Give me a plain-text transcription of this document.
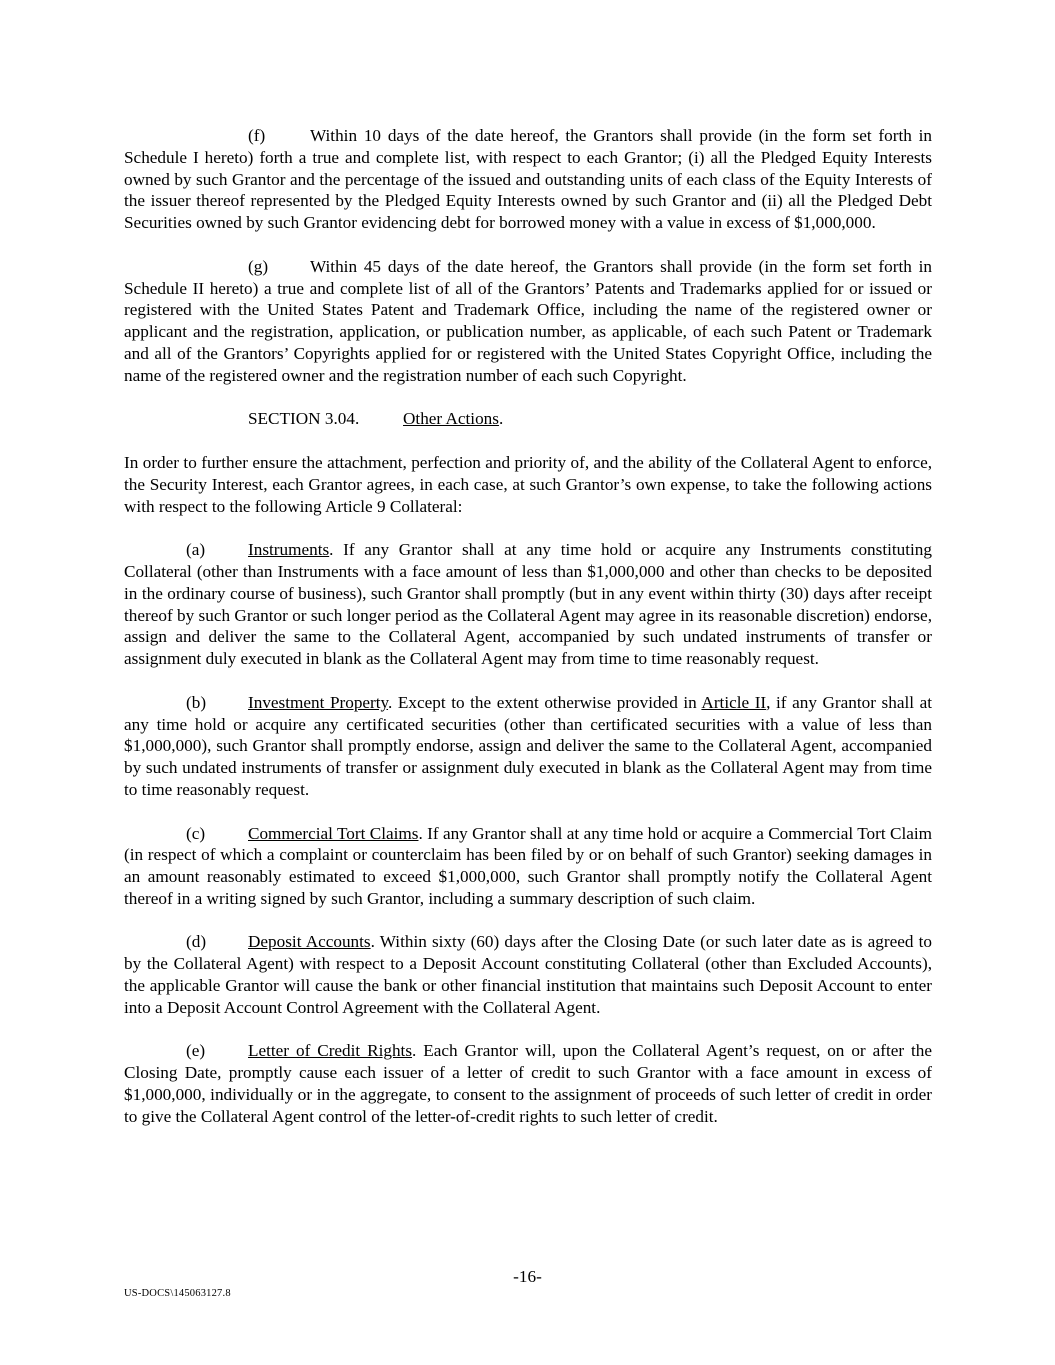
(f)	Within 10 days of the date hereof, the Grantors shall provide (in the form set forth in Schedule I hereto) forth a true and complete list, with respect to each Grantor; (i) all the Pledged Equity Interests owned by such Grantor and the percentage of the issued and outstanding units of each class of the Equity Interests of the issuer thereof represented by the Pledged Equity Interests owned by such Grantor and (ii) all the Pledged Debt Securities owned by such Grantor evidencing debt for borrowed money with a value in excess of $1,000,000.

(g) Within 45 days of the date hereof, the Grantors shall provide (in the form set forth in Schedule II hereto) a true and complete list of all of the Grantors’ Patents and Trademarks applied for or issued or registered with the United States Patent and Trademark Office, including the name of the registered owner or applicant and the registration, application, or publication number, as applicable, of each such Patent or Trademark and all of the Grantors’ Copyrights applied for or registered with the United States Copyright Office, including the name of the registered owner and the registration number of each such Copyright.

SECTION 3.04.	Other Actions.

In order to further ensure the attachment, perfection and priority of, and the ability of the Collateral Agent to enforce, the Security Interest, each Grantor agrees, in each case, at such Grantor’s own expense, to take the following actions with respect to the following Article 9 Collateral:

(a) Instruments. If any Grantor shall at any time hold or acquire any Instruments constituting Collateral (other than Instruments with a face amount of less than $1,000,000 and other than checks to be deposited in the ordinary course of business), such Grantor shall promptly (but in any event within thirty (30) days after receipt thereof by such Grantor or such longer period as the Collateral Agent may agree in its reasonable discretion) endorse, assign and deliver the same to the Collateral Agent, accompanied by such undated instruments of transfer or assignment duly executed in blank as the Collateral Agent may from time to time reasonably request.

(b) Investment Property. Except to the extent otherwise provided in Article II, if any Grantor shall at any time hold or acquire any certificated securities (other than certificated securities with a value of less than $1,000,000), such Grantor shall promptly endorse, assign and deliver the same to the Collateral Agent, accompanied by such undated instruments of transfer or assignment duly executed in blank as the Collateral Agent may from time to time reasonably request.

(c) Commercial Tort Claims. If any Grantor shall at any time hold or acquire a Commercial Tort Claim (in respect of which a complaint or counterclaim has been filed by or on behalf of such Grantor) seeking damages in an amount reasonably estimated to exceed $1,000,000, such Grantor shall promptly notify the Collateral Agent thereof in a writing signed by such Grantor, including a summary description of such claim.

(d) Deposit Accounts. Within sixty (60) days after the Closing Date (or such later date as is agreed to by the Collateral Agent) with respect to a Deposit Account constituting Collateral (other than Excluded Accounts), the applicable Grantor will cause the bank or other financial institution that maintains such Deposit Account to enter into a Deposit Account Control Agreement with the Collateral Agent.

(e) Letter of Credit Rights. Each Grantor will, upon the Collateral Agent’s request, on or after the Closing Date, promptly cause each issuer of a letter of credit to such Grantor with a face amount in excess of $1,000,000, individually or in the aggregate, to consent to the assignment of proceeds of such letter of credit in order to give the Collateral Agent control of the letter-of-credit rights to such letter of credit.

-16-
US-DOCS\145063127.8
